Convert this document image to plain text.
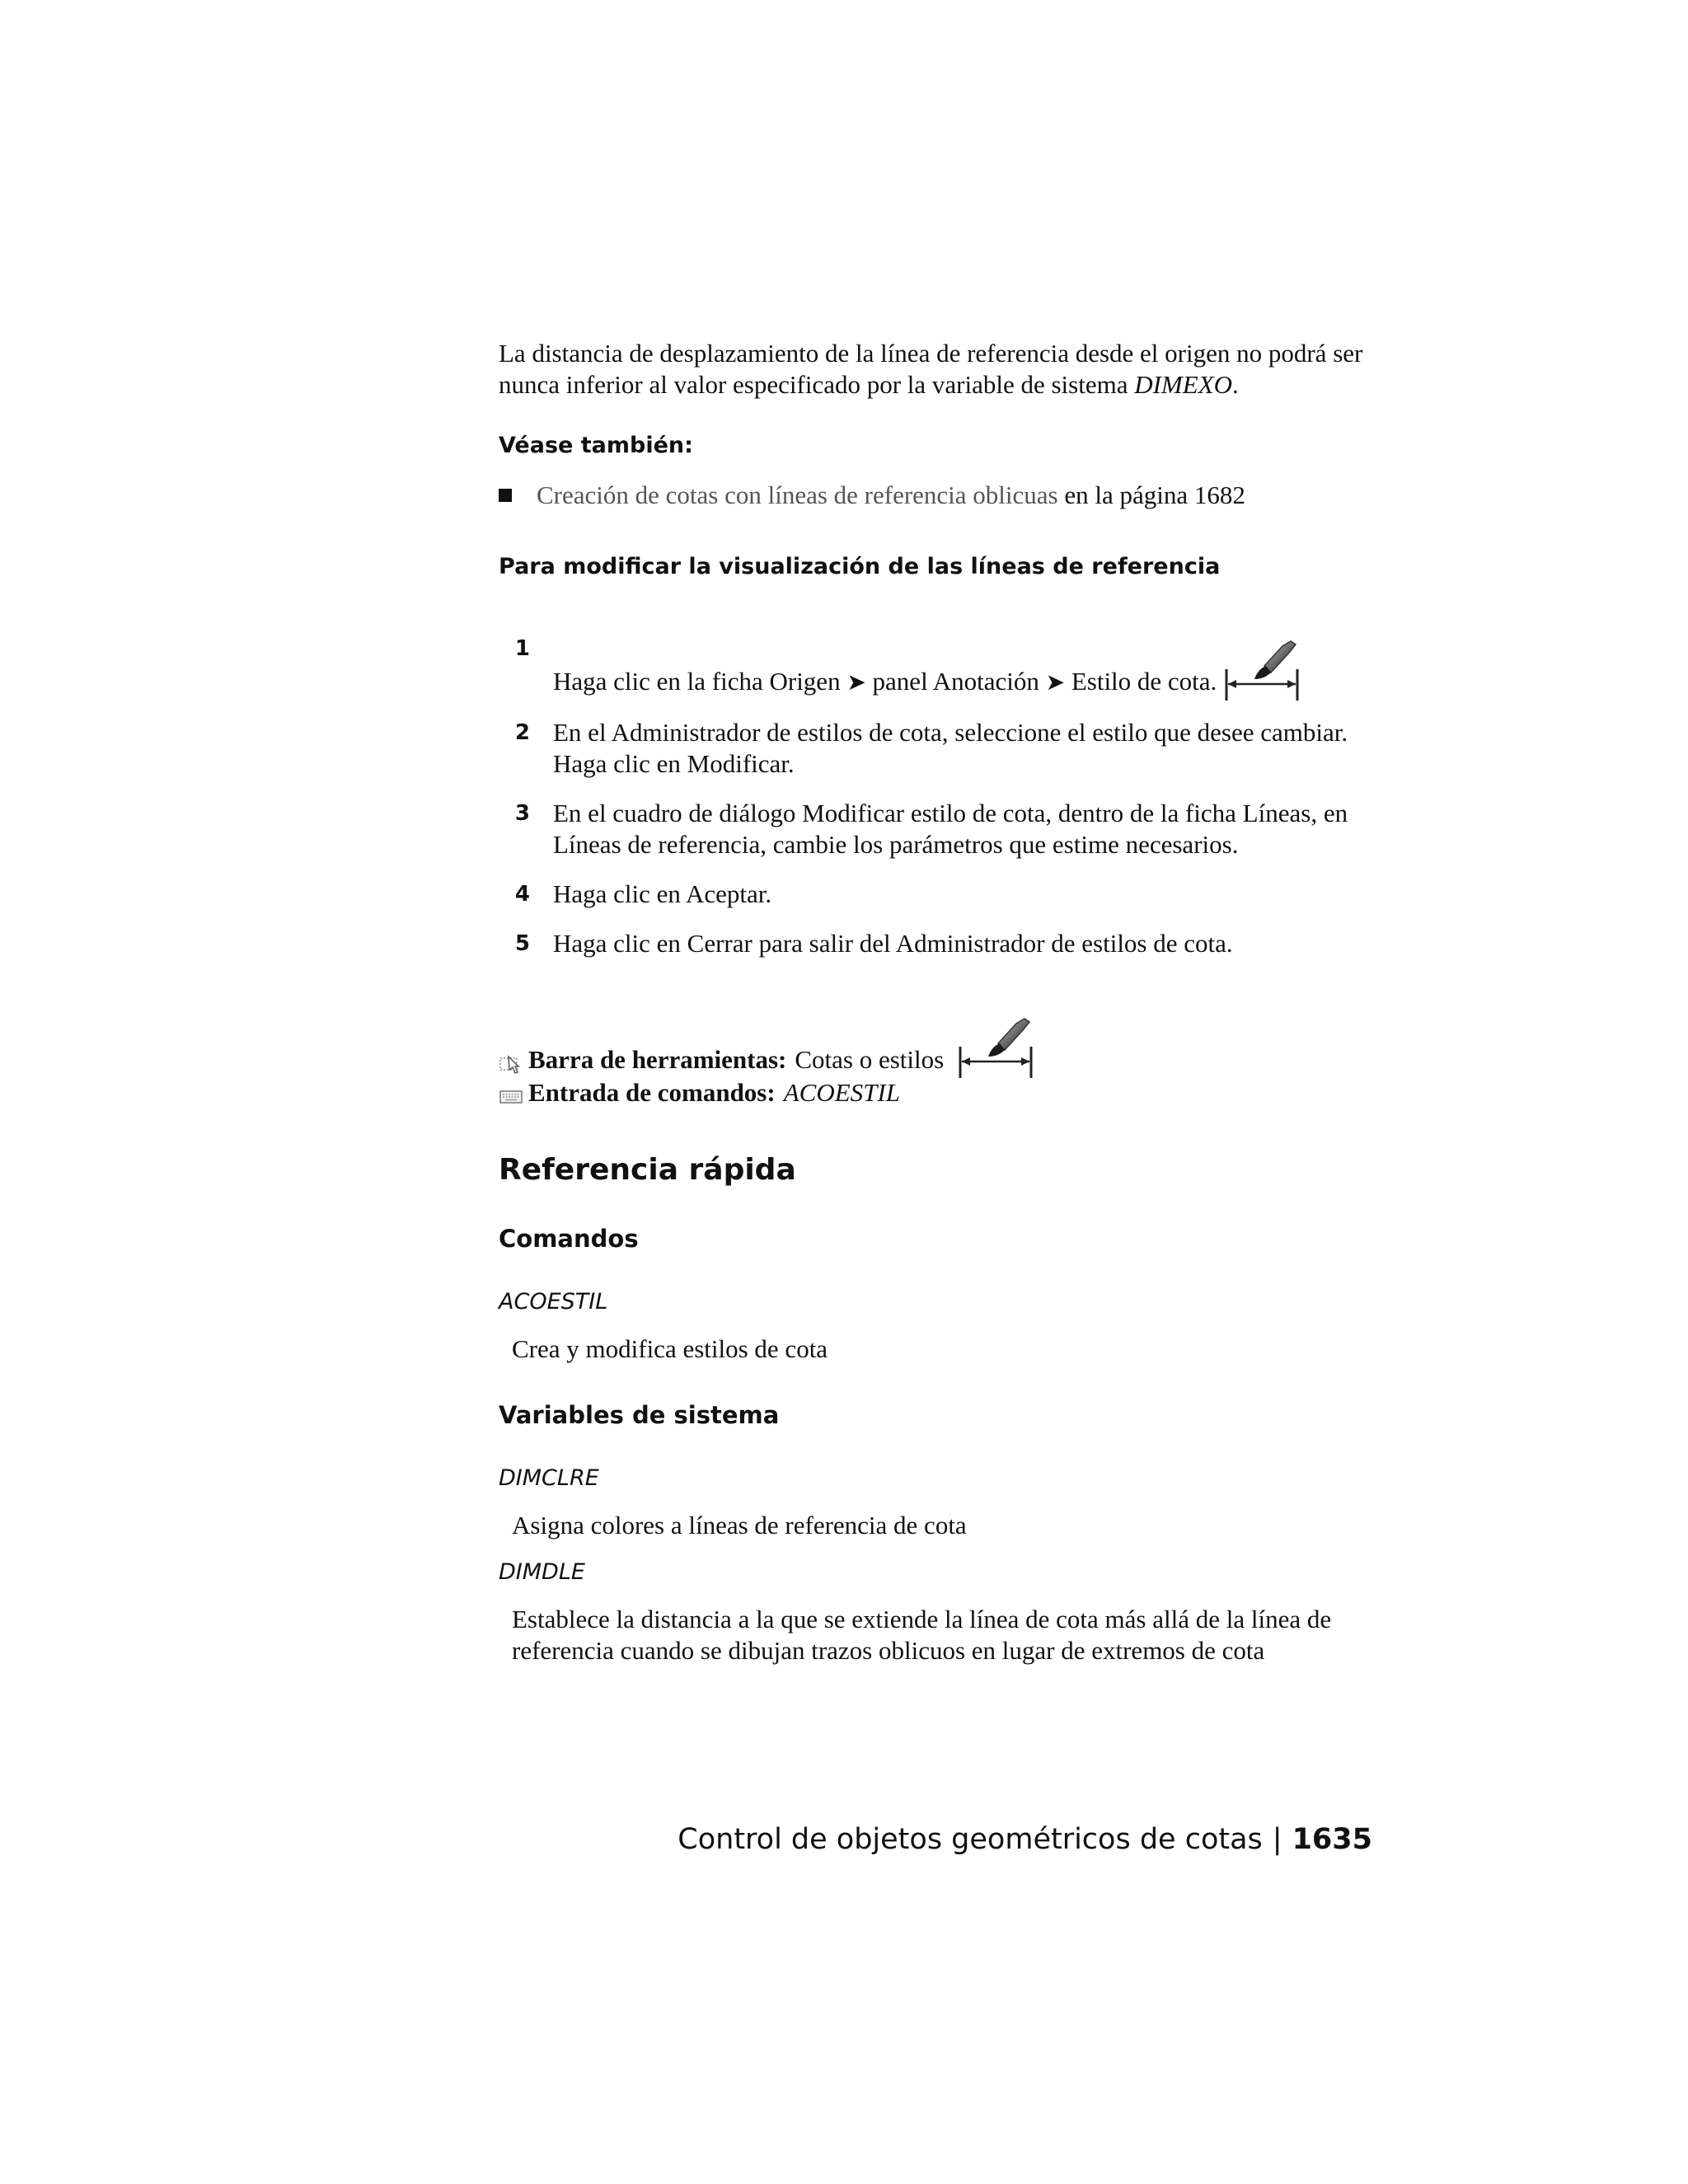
La distancia de desplazamiento de la línea de referencia desde el origen no podrá ser nunca inferior al valor especificado por la variable de sistema DIMEXO.

Véase también:

Creación de cotas con líneas de referencia oblicuas en la página 1682

Para modificar la visualización de las líneas de referencia

1
Haga clic en la ficha Origen ➤ panel Anotación ➤ Estilo de cota.
2 En el Administrador de estilos de cota, seleccione el estilo que desee cambiar. Haga clic en Modificar.
3 En el cuadro de diálogo Modificar estilo de cota, dentro de la ficha Líneas, en Líneas de referencia, cambie los parámetros que estime necesarios.
4 Haga clic en Aceptar.
5 Haga clic en Cerrar para salir del Administrador de estilos de cota.
Barra de herramientas: Cotas o estilos
Entrada de comandos: ACOESTIL
Referencia rápida
Comandos

ACOESTIL

Crea y modifica estilos de cota

Variables de sistema

DIMCLRE

Asigna colores a líneas de referencia de cota

DIMDLE

Establece la distancia a la que se extiende la línea de cota más allá de la línea de referencia cuando se dibujan trazos oblicuos en lugar de extremos de cota

Control de objetos geométricos de cotas | 1635
